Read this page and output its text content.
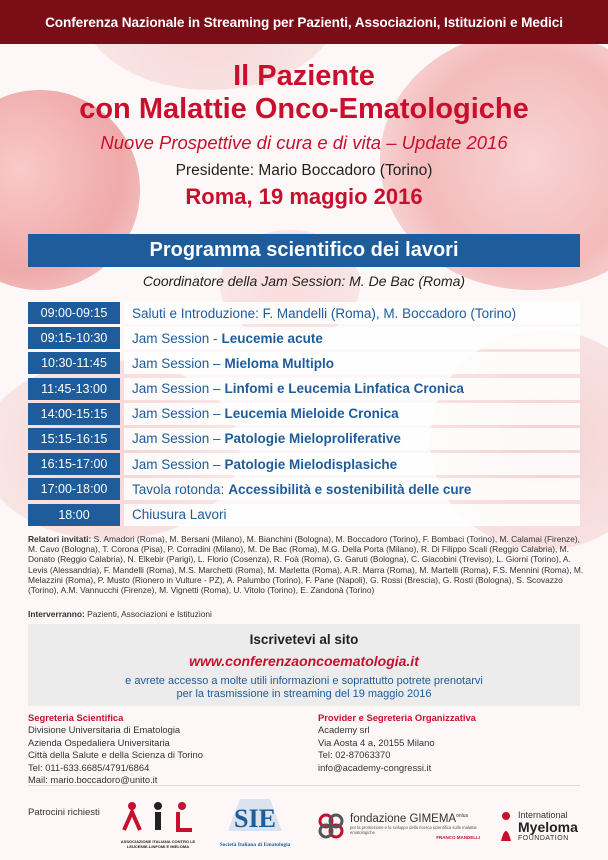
Conferenza Nazionale in Streaming per Pazienti, Associazioni, Istituzioni e Medici
Il Paziente
con Malattie Onco-Ematologiche
Nuove Prospettive di cura e di vita – Update 2016
Presidente: Mario Boccadoro (Torino)
Roma, 19 maggio 2016
Programma scientifico dei lavori
Coordinatore della Jam Session: M. De Bac (Roma)
09:00-09:15	Saluti e Introduzione: F. Mandelli (Roma), M. Boccadoro (Torino)
09:15-10:30	Jam Session - Leucemie acute
10:30-11:45	Jam Session – Mieloma Multiplo
11:45-13:00	Jam Session – Linfomi e Leucemia Linfatica Cronica
14:00-15:15	Jam Session – Leucemia Mieloide Cronica
15:15-16:15	Jam Session – Patologie Mieloproliferative
16:15-17:00	Jam Session – Patologie Mielodisplasiche
17:00-18:00	Tavola rotonda: Accessibilità e sostenibilità delle cure
18:00	Chiusura Lavori
Relatori invitati: S. Amadori (Roma), M. Bersani (Milano), M. Bianchini (Bologna), M. Boccadoro (Torino), F. Bombaci (Torino), M. Calamai (Firenze), M. Cavo (Bologna), T. Corona (Pisa), P. Corradini (Milano), M. De Bac (Roma), M.G. Della Porta (Milano), R. Di Filippo Scali (Reggio Calabria), M. Donato (Reggio Calabria), N. Elkebir (Parigi), L. Florio (Cosenza), R. Foà (Roma), G. Garuti (Bologna), C. Giacobini (Treviso), L. Giorni (Torino), A. Levis (Alessandria), F. Mandelli (Roma), M.S. Marchetti (Roma), M. Marletta (Roma), A.R. Marra (Roma), M. Martelli (Roma), F.S. Mennini (Roma), M. Melazzini (Roma), P. Musto (Rionero in Vulture - PZ), A. Palumbo (Torino), F. Pane (Napoli), G. Rossi (Brescia), G. Rosti (Bologna), S. Scovazzo (Torino), A.M. Vannucchi (Firenze), M. Vignetti (Roma), U. Vitolo (Torino), E. Zandonà (Torino)
Interverranno: Pazienti, Associazioni e Istituzioni
Iscrivetevi al sito
www.conferenzaoncoematologia.it
e avrete accesso a molte utili informazioni e soprattutto potrete prenotarvi
per la trasmissione in streaming del 19 maggio 2016
Segreteria Scientifica
Divisione Universitaria di Ematologia
Azienda Ospedaliera Universitaria
Città della Salute e della Scienza di Torino
Tel: 011-633.6685/4791/6864
Mail: mario.boccadoro@unito.it
Provider e Segreteria Organizzativa
Academy srl
Via Aosta 4 a, 20155 Milano
Tel: 02-87063370
info@academy-congressi.it
Patrocini richiesti
ASSOCIAZIONE ITALIANA CONTRO LE LEUCEMIE-LINFOMI E MIELOMA
SIE
Società Italiana di Ematologia
fondazione $GIMEMA^{onlus}$
per la promozione e lo sviluppo della ricerca scientifica sulle malattie ematologiche
FRANCO MANDELLI
International
Myeloma
FOUNDATION
